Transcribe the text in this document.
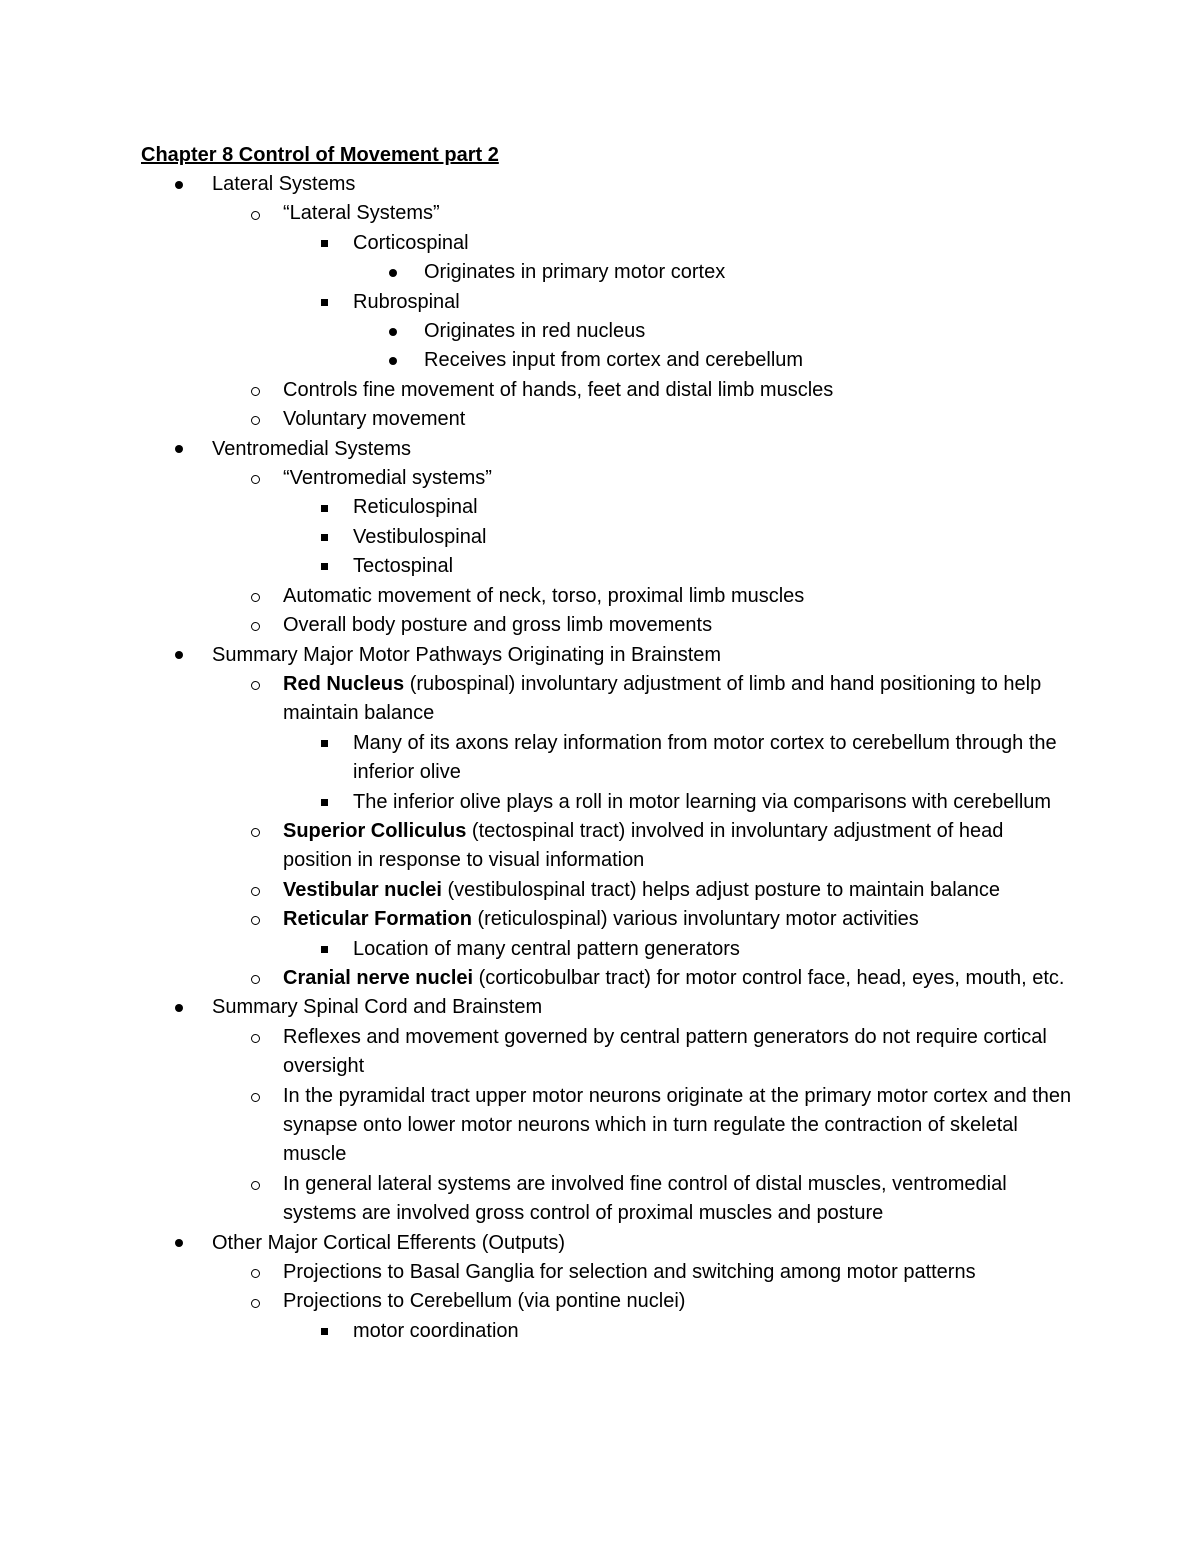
Chapter 8 Control of Movement part 2
Lateral Systems
“Lateral Systems”
Corticospinal
Originates in primary motor cortex
Rubrospinal
Originates in red nucleus
Receives input from cortex and cerebellum
Controls fine movement of hands, feet and distal limb muscles
Voluntary movement
Ventromedial Systems
“Ventromedial systems”
Reticulospinal
Vestibulospinal
Tectospinal
Automatic movement of neck, torso, proximal limb muscles
Overall body posture and gross limb movements
Summary Major Motor Pathways Originating in Brainstem
Red Nucleus (rubospinal) involuntary adjustment of limb and hand positioning to help maintain balance
Many of its axons relay information from motor cortex to cerebellum through the inferior olive
The inferior olive plays a roll in motor learning via comparisons with cerebellum
Superior Colliculus (tectospinal tract) involved in involuntary adjustment of head position in response to visual information
Vestibular nuclei (vestibulospinal tract) helps adjust posture to maintain balance
Reticular Formation (reticulospinal) various involuntary motor activities
Location of many central pattern generators
Cranial nerve nuclei (corticobulbar tract) for motor control face, head, eyes, mouth, etc.
Summary Spinal Cord and Brainstem
Reflexes and movement governed by central pattern generators do not require cortical oversight
In the pyramidal tract upper motor neurons originate at the primary motor cortex and then synapse onto lower motor neurons which in turn regulate the contraction of skeletal muscle
In general lateral systems are involved fine control of distal muscles, ventromedial systems are involved gross control of proximal muscles and posture
Other Major Cortical Efferents (Outputs)
Projections to Basal Ganglia for selection and switching among motor patterns
Projections to Cerebellum (via pontine nuclei)
motor coordination
